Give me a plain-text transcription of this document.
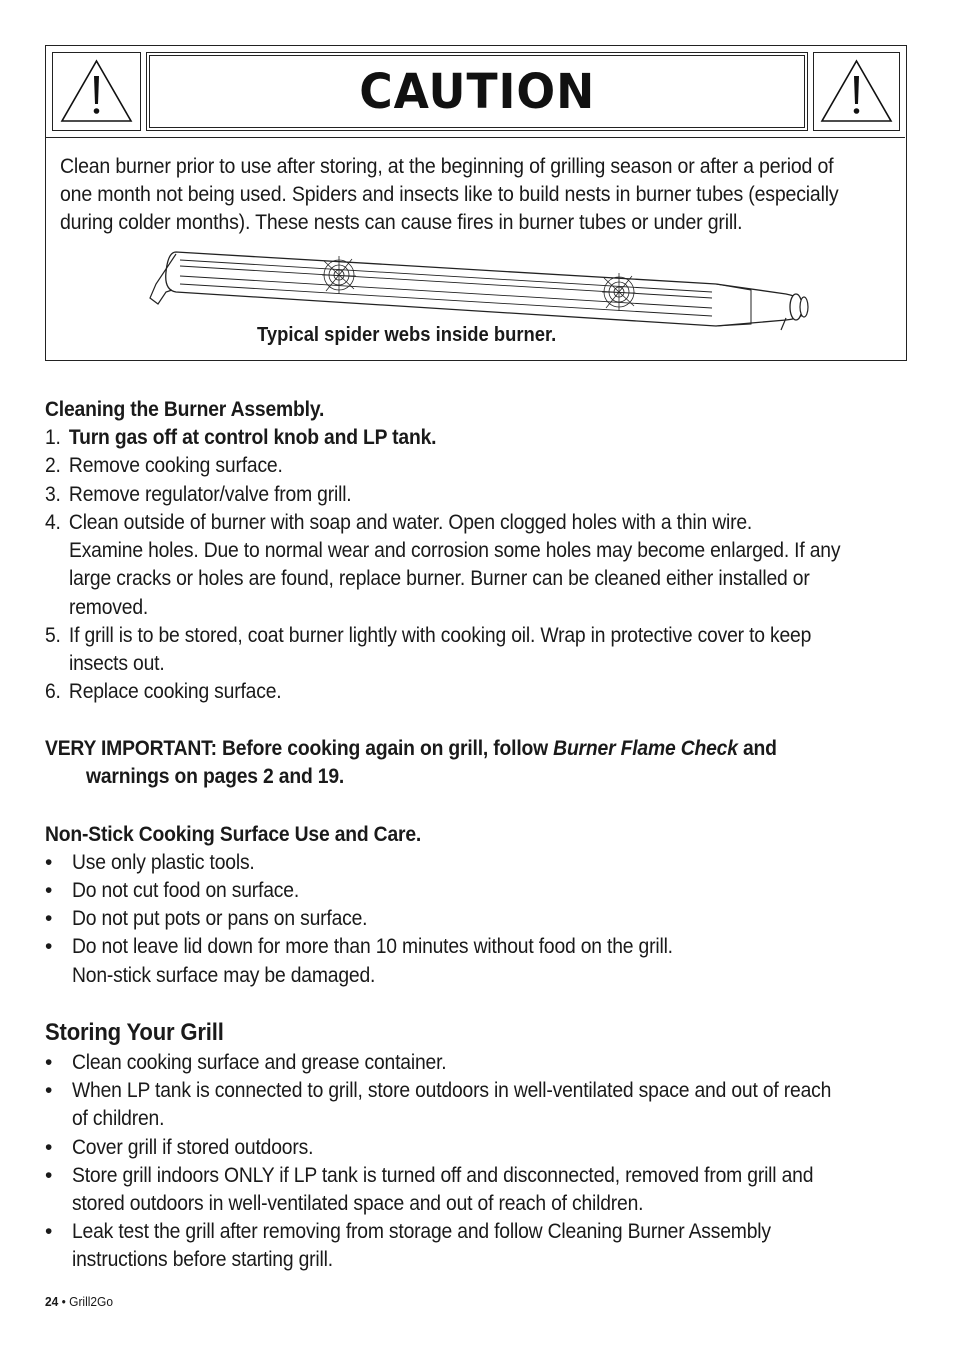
CAUTION
Clean burner prior to use after storing, at the beginning of grilling season or after a period of
one month not being used. Spiders and insects like to build nests in burner tubes (especially
during colder months). These nests can cause fires in burner tubes or under grill.
Typical spider webs inside burner.
Cleaning the Burner Assembly.
1. Turn gas off at control knob and LP tank.
2. Remove cooking surface.
3. Remove regulator/valve from grill.
4. Clean outside of burner with soap and water. Open clogged holes with a thin wire.
Examine holes. Due to normal wear and corrosion some holes may become enlarged. If any
large cracks or holes are found, replace burner. Burner can be cleaned either installed or
removed.
5. If grill is to be stored, coat burner lightly with cooking oil. Wrap in protective cover to keep
insects out.
6. Replace cooking surface.
VERY IMPORTANT: Before cooking again on grill, follow Burner Flame Check and
warnings on pages 2 and 19.
Non-Stick Cooking Surface Use and Care.
• Use only plastic tools.
• Do not cut food on surface.
• Do not put pots or pans on surface.
• Do not leave lid down for more than 10 minutes without food on the grill.
Non-stick surface may be damaged.
Storing Your Grill
• Clean cooking surface and grease container.
• When LP tank is connected to grill, store outdoors in well-ventilated space and out of reach
of children.
• Cover grill if stored outdoors.
• Store grill indoors ONLY if LP tank is turned off and disconnected, removed from grill and
stored outdoors in well-ventilated space and out of reach of children.
• Leak test the grill after removing from storage and follow Cleaning Burner Assembly
instructions before starting grill.
24 • Grill2Go
